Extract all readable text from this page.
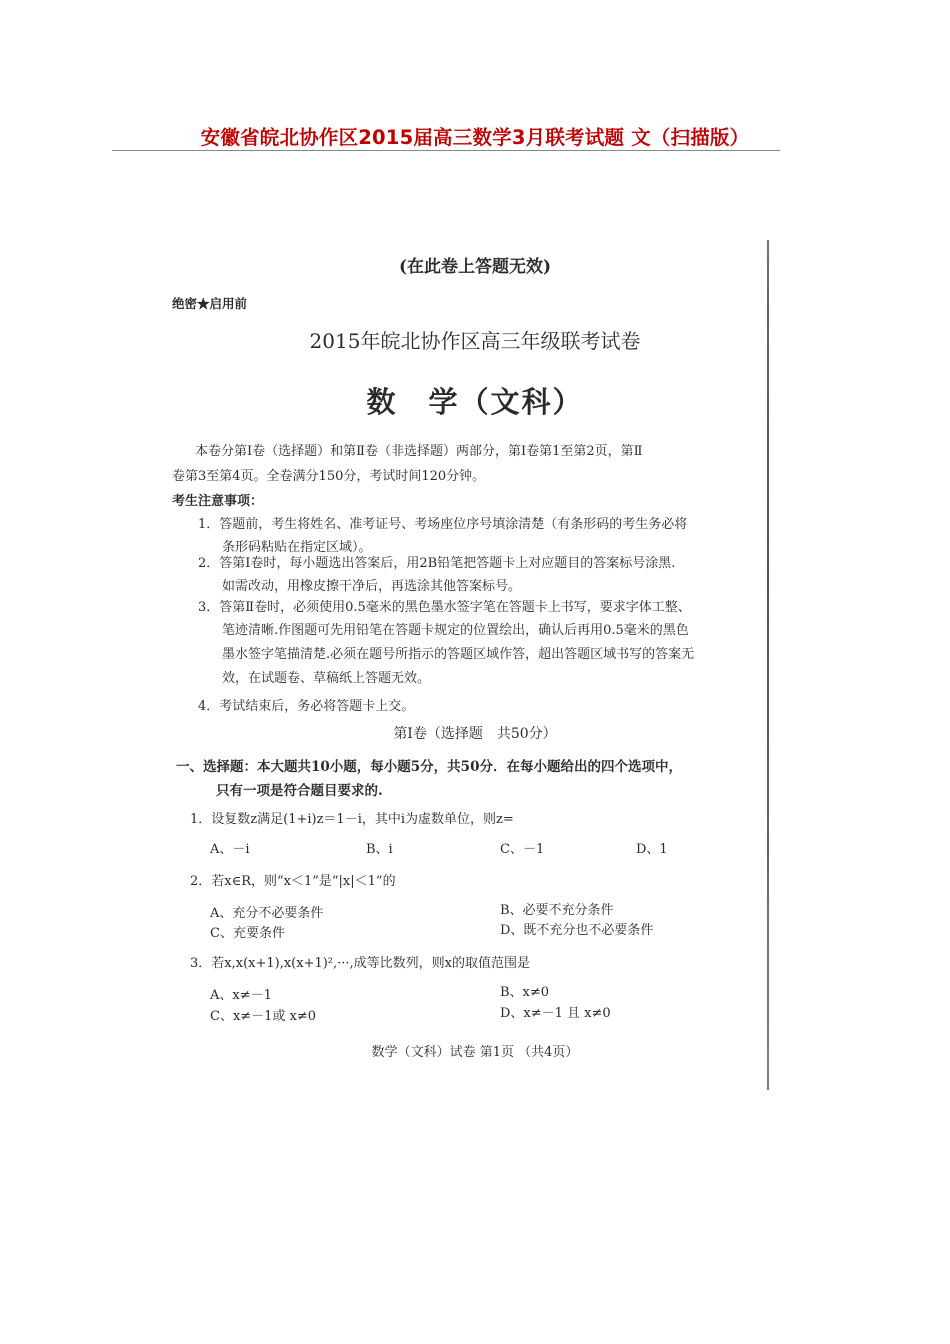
安徽省皖北协作区2015届高三数学3月联考试题 文（扫描版）
(在此卷上答题无效)
绝密★启用前
2015年皖北协作区高三年级联考试卷
数　学（文科）
本卷分第Ⅰ卷（选择题）和第Ⅱ卷（非选择题）两部分，第Ⅰ卷第1至第2页，第Ⅱ
卷第3至第4页。全卷满分150分，考试时间120分钟。
考生注意事项：
1．答题前，考生将姓名、准考证号、考场座位序号填涂清楚（有条形码的考生务必将
条形码粘贴在指定区域）。
2．答第Ⅰ卷时，每小题选出答案后，用2B铅笔把答题卡上对应题目的答案标号涂黑.
如需改动，用橡皮擦干净后，再选涂其他答案标号。
3．答第Ⅱ卷时，必须使用0.5毫米的黑色墨水签字笔在答题卡上书写，要求字体工整、
笔迹清晰.作图题可先用铅笔在答题卡规定的位置绘出，确认后再用0.5毫米的黑色
墨水签字笔描清楚.必须在题号所指示的答题区域作答，超出答题区域书写的答案无
效，在试题卷、草稿纸上答题无效。
4．考试结束后，务必将答题卡上交。
第Ⅰ卷（选择题　共50分）
一、选择题：本大题共10小题，每小题5分，共50分．在每小题给出的四个选项中，
只有一项是符合题目要求的.
1．设复数z满足(1+i)z＝1－i，其中i为虚数单位，则z=
A、－i	B、i	C、－1	D、1
2．若x∈R，则“x＜1”是“|x|＜1”的
A、充分不必要条件	B、必要不充分条件
C、充要条件	D、既不充分也不必要条件
3．若x,x(x+1),x(x+1)²,···,成等比数列，则x的取值范围是
A、x≠－1	B、x≠0
C、x≠－1或 x≠0	D、x≠－1 且 x≠0
数学（文科）试卷 第1页 （共4页）
